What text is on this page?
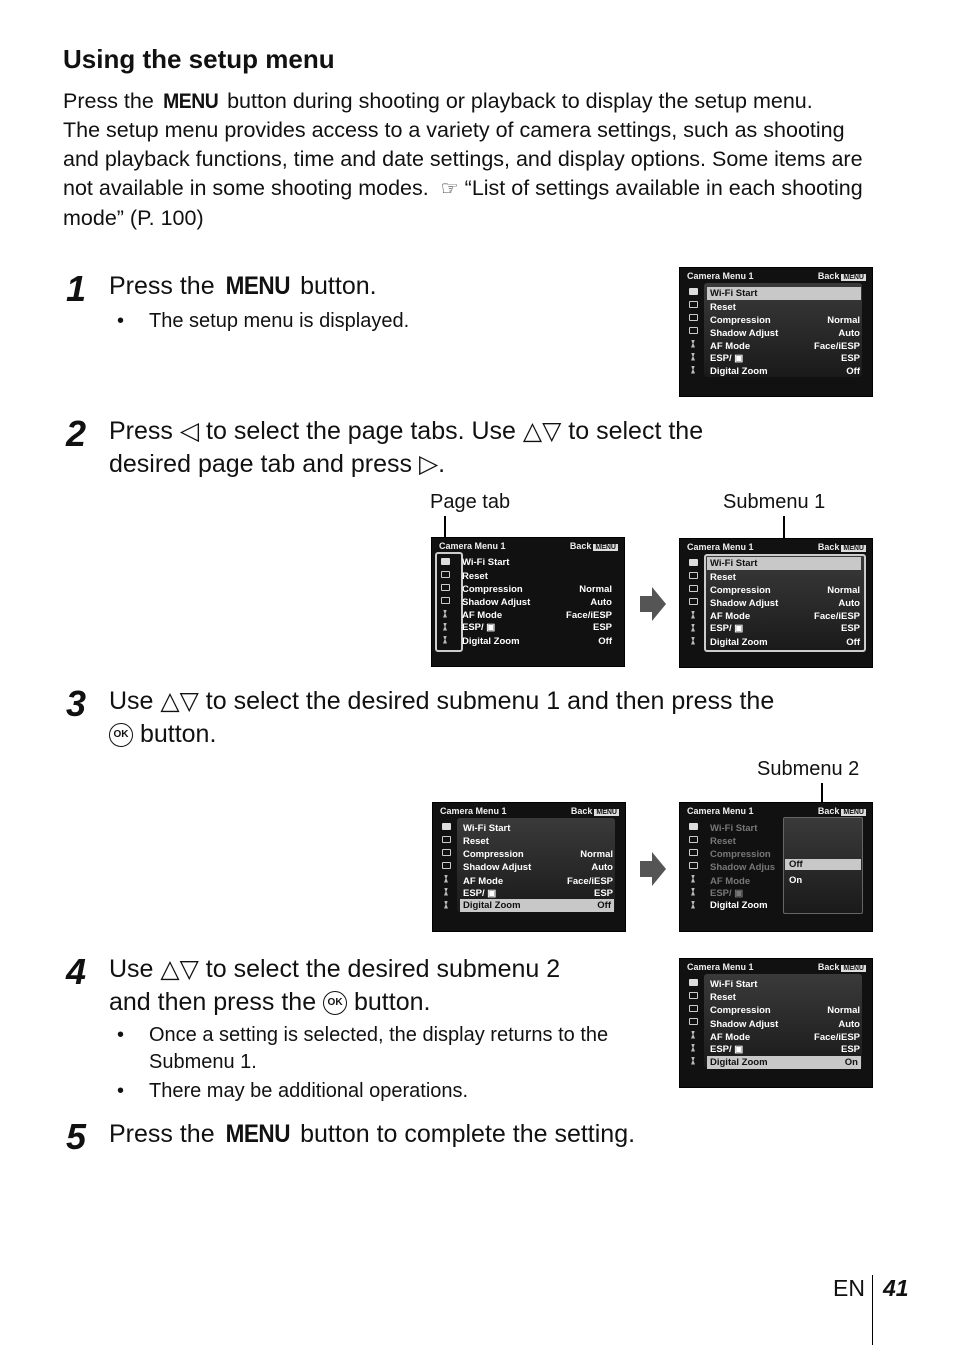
Using the setup menu
Press the MENU button during shooting or playback to display the setup menu.
The setup menu provides access to a variety of camera settings, such as shooting and playback functions, time and date settings, and display options. Some items are not available in some shooting modes. ☞ “List of settings available in each shooting mode” (P. 100)
1 Press the MENU button.
•	The setup menu is displayed.
Camera Menu 1	Back MENU
Wi-Fi Start
Reset
Compression	Normal
Shadow Adjust	Auto
AF Mode	Face/iESP
ESP/ ▣	ESP
Digital Zoom	Off
2 Press ◁ to select the page tabs. Use △▽ to select the
desired page tab and press ▷.
Page tab	Submenu 1
Camera Menu 1	Back MENU
Wi-Fi Start
Reset
Compression	Normal
Shadow Adjust	Auto
AF Mode	Face/iESP
ESP/ ▣	ESP
Digital Zoom	Off
Camera Menu 1	Back MENU
Wi-Fi Start
Reset
Compression	Normal
Shadow Adjust	Auto
AF Mode	Face/iESP
ESP/ ▣	ESP
Digital Zoom	Off
3 Use △▽ to select the desired submenu 1 and then press the
OK button.
Submenu 2
Camera Menu 1	Back MENU
Wi-Fi Start
Reset
Compression	Normal
Shadow Adjust	Auto
AF Mode	Face/iESP
ESP/ ▣	ESP
Digital Zoom	Off
Camera Menu 1	Back MENU
Wi-Fi Start
Reset
Compression
Shadow Adjus
AF Mode
ESP/ ▣
Digital Zoom
Off
On
4 Use △▽ to select the desired submenu 2
and then press the OK button.
•	Once a setting is selected, the display returns to the Submenu 1.
•	There may be additional operations.
Camera Menu 1	Back MENU
Wi-Fi Start
Reset
Compression	Normal
Shadow Adjust	Auto
AF Mode	Face/iESP
ESP/ ▣	ESP
Digital Zoom	On
5 Press the MENU button to complete the setting.
EN 41
